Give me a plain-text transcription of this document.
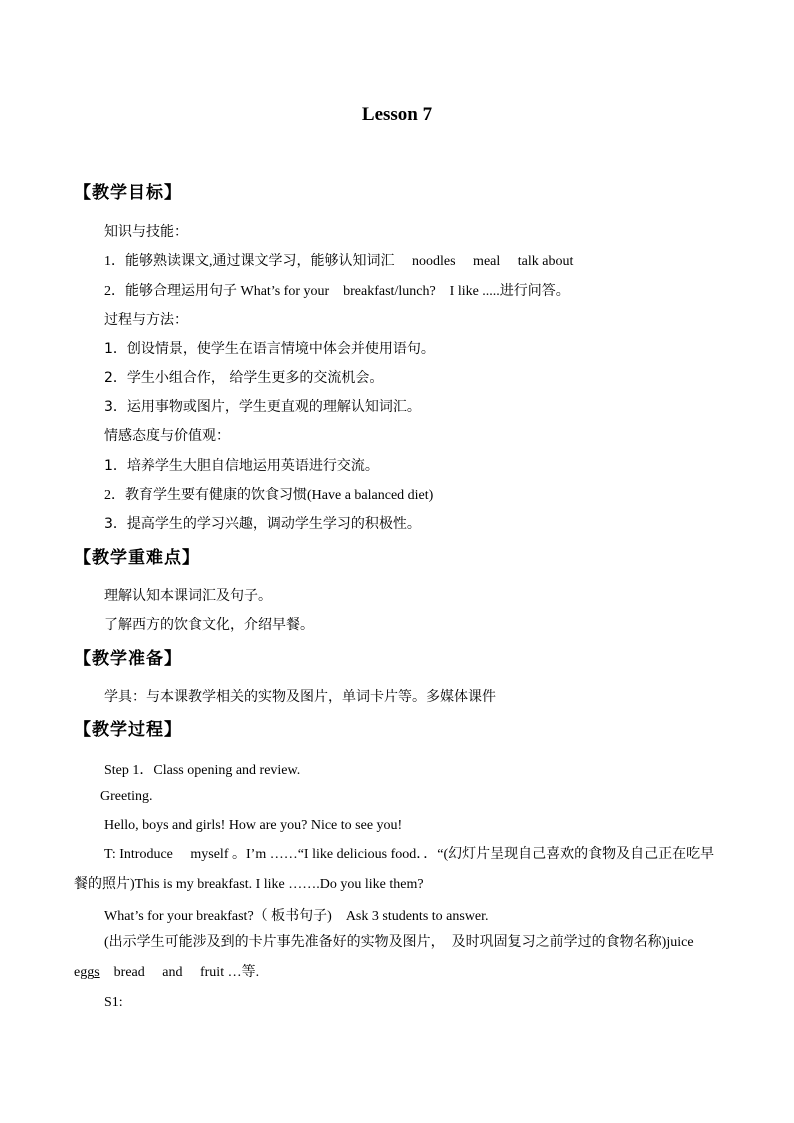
Lesson 7
【教学目标】
知识与技能：
1．能够熟读课文,通过课文学习，能够认知词汇　 noodles　 meal　 talk about
2．能够合理运用句子 What’s for your　breakfast/lunch?　I like .....进行问答。
过程与方法：
1．创设情景，使学生在语言情境中体会并使用语句。
2．学生小组合作， 给学生更多的交流机会。
3．运用事物或图片，学生更直观的理解认知词汇。
情感态度与价值观：
1．培养学生大胆自信地运用英语进行交流。
2．教育学生要有健康的饮食习惯(Have a balanced diet)
3．提高学生的学习兴趣，调动学生学习的积极性。
【教学重难点】
理解认知本课词汇及句子。
了解西方的饮食文化，介绍早餐。
【教学准备】
学具：与本课教学相关的实物及图片，单词卡片等。多媒体课件
【教学过程】
Step 1．Class opening and review.
Greeting.
Hello, boys and girls! How are you? Nice to see you!
T: Introduce　 myself 。I’m ……“I like delicious food．．“(幻灯片呈现自己喜欢的食物及自己正在吃早餐的照片)This is my breakfast. I like …….Do you like them?
What’s for your breakfast?（ 板书句子)　Ask 3 students to answer.
(出示学生可能涉及到的卡片事先准备好的实物及图片，　及时巩固复习之前学过的食物名称)juice　 eggs　bread　 and　 fruit …等.
S1:
